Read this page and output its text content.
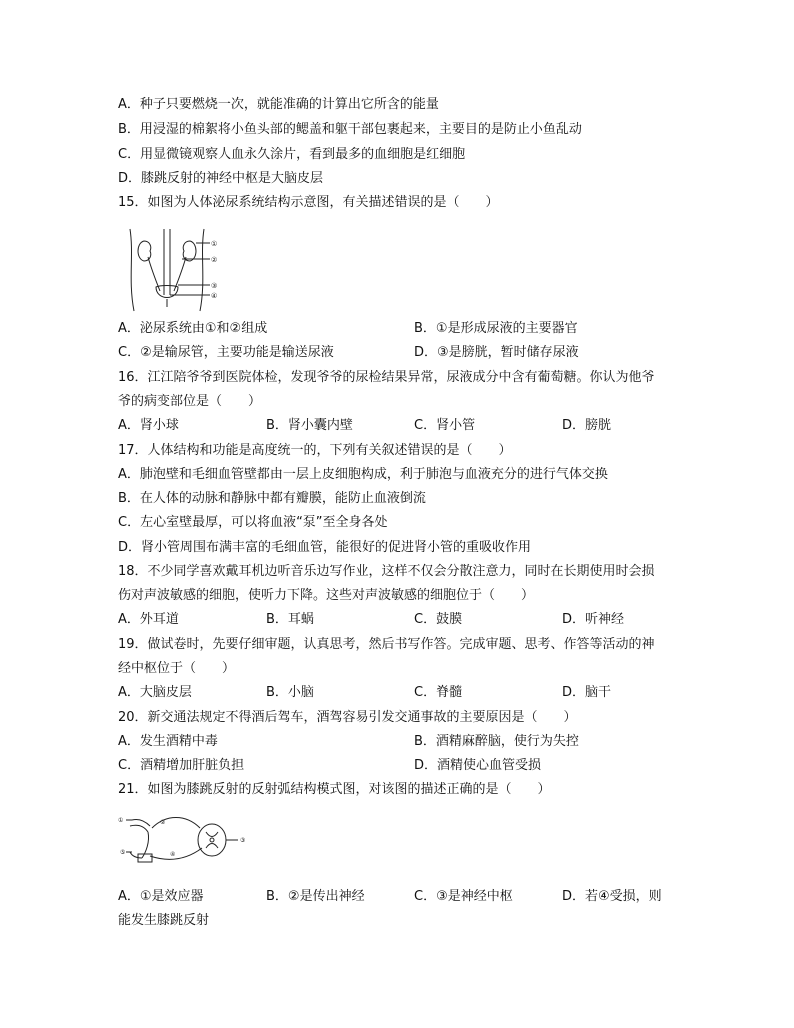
A．种子只要燃烧一次，就能准确的计算出它所含的能量
B．用浸湿的棉絮将小鱼头部的鳃盖和躯干部包裹起来，主要目的是防止小鱼乱动
C．用显微镜观察人血永久涂片，看到最多的血细胞是红细胞
D．膝跳反射的神经中枢是大脑皮层
15．如图为人体泌尿系统结构示意图，有关描述错误的是（　　）
①
②
③
④
A．泌尿系统由①和②组成	B．①是形成尿液的主要器官
C．②是输尿管，主要功能是输送尿液	D．③是膀胱，暂时储存尿液
16．江江陪爷爷到医院体检，发现爷爷的尿检结果异常，尿液成分中含有葡萄糖。你认为他爷
爷的病变部位是（　　）
A．肾小球	B．肾小囊内壁	C．肾小管	D．膀胱
17．人体结构和功能是高度统一的，下列有关叙述错误的是（　　）
A．肺泡壁和毛细血管壁都由一层上皮细胞构成，利于肺泡与血液充分的进行气体交换
B．在人体的动脉和静脉中都有瓣膜，能防止血液倒流
C．左心室壁最厚，可以将血液“泵”至全身各处
D．肾小管周围布满丰富的毛细血管，能很好的促进肾小管的重吸收作用
18．不少同学喜欢戴耳机边听音乐边写作业，这样不仅会分散注意力，同时在长期使用时会损
伤对声波敏感的细胞，使听力下降。这些对声波敏感的细胞位于（　　）
A．外耳道	B．耳蜗	C．鼓膜	D．听神经
19．做试卷时，先要仔细审题，认真思考，然后书写作答。完成审题、思考、作答等活动的神
经中枢位于（　　）
A．大脑皮层	B．小脑	C．脊髓	D．脑干
20．新交通法规定不得酒后驾车，酒驾容易引发交通事故的主要原因是（　　）
A．发生酒精中毒	B．酒精麻醉脑，使行为失控
C．酒精增加肝脏负担	D．酒精使心血管受损
21．如图为膝跳反射的反射弧结构模式图，对该图的描述正确的是（　　）
①	②
③
④
⑤
A．①是效应器	B．②是传出神经	C．③是神经中枢	D．若④受损，则
能发生膝跳反射
